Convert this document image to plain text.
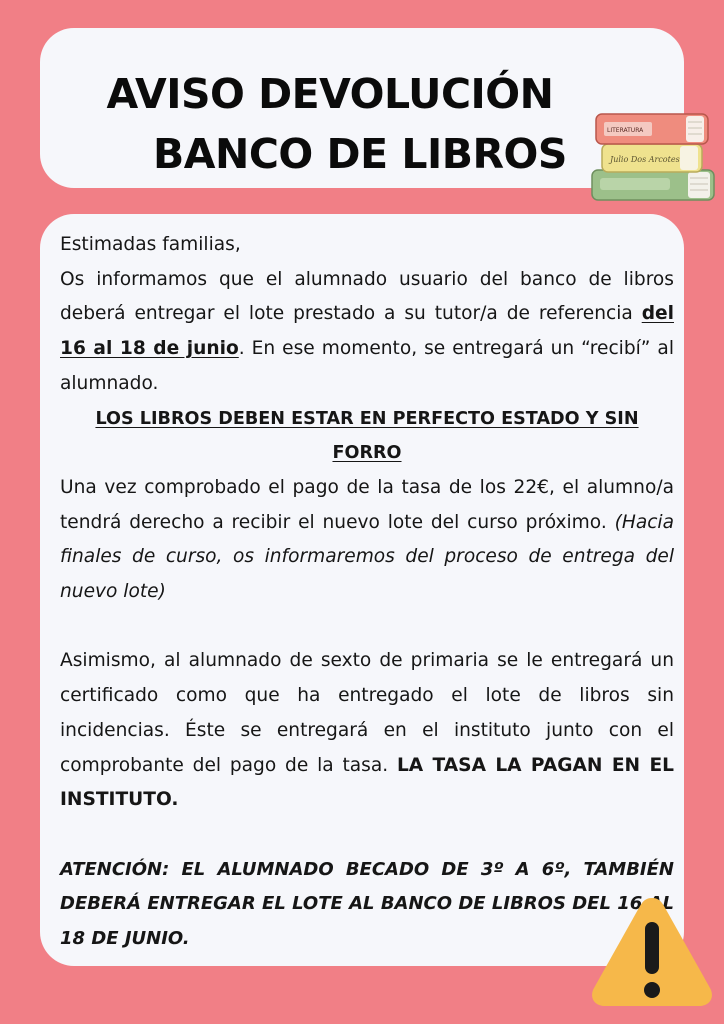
AVISO DEVOLUCIÓN
BANCO DE LIBROS	Julio Dos Arcotes
LITERATURA

Estimadas familias,

Os informamos que el alumnado usuario del banco de libros deberá entregar el lote prestado a su tutor/a de referencia del 16 al 18 de junio. En ese momento, se entregará un “recibí” al alumnado.

LOS LIBROS DEBEN ESTAR EN PERFECTO ESTADO Y SIN FORRO

Una vez comprobado el pago de la tasa de los 22€, el alumno/a tendrá derecho a recibir el nuevo lote del curso próximo. (Hacia finales de curso, os informaremos del proceso de entrega del nuevo lote)

Asimismo, al alumnado de sexto de primaria se le entregará un certificado como que ha entregado el lote de libros sin incidencias. Éste se entregará en el instituto junto con el comprobante del pago de la tasa. LA TASA LA PAGAN EN EL INSTITUTO.

ATENCIÓN: EL ALUMNADO BECADO DE 3º A 6º, TAMBIÉN DEBERÁ ENTREGAR EL LOTE AL BANCO DE LIBROS DEL 16 AL 18 DE JUNIO.
